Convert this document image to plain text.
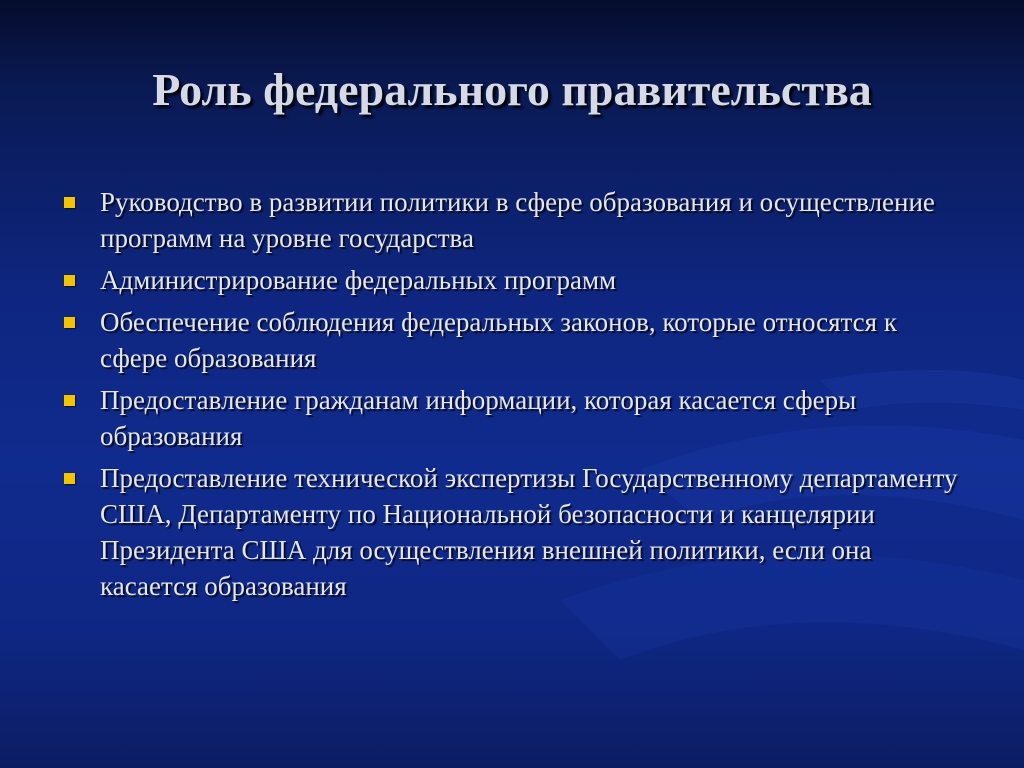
Роль федерального правительства
Руководство в развитии политики в сфере образования и осуществление программ на уровне государства
Администрирование федеральных программ
Обеспечение соблюдения федеральных законов, которые относятся к сфере образования
Предоставление гражданам информации, которая касается сферы образования
Предоставление технической экспертизы Государственному департаменту США, Департаменту по Национальной безопасности и канцелярии Президента США для осуществления внешней политики, если она касается образования
